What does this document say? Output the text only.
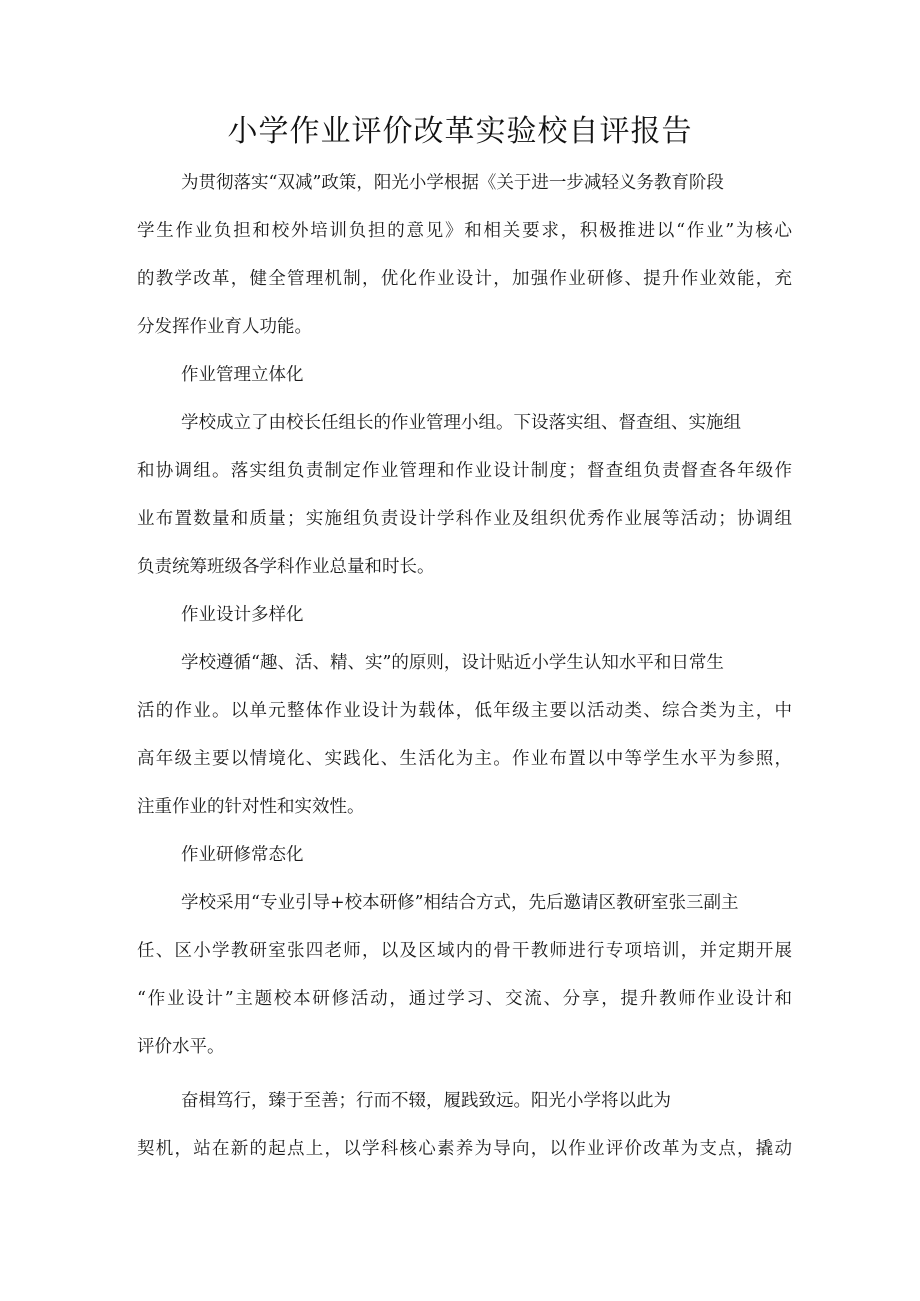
小学作业评价改革实验校自评报告

为贯彻落实“双减”政策，阳光小学根据《关于进一步减轻义务教育阶段

学生作业负担和校外培训负担的意见》和相关要求，积极推进以“作业”为核心

的教学改革，健全管理机制，优化作业设计，加强作业研修、提升作业效能，充

分发挥作业育人功能。

作业管理立体化

学校成立了由校长任组长的作业管理小组。下设落实组、督查组、实施组

和协调组。落实组负责制定作业管理和作业设计制度；督查组负责督查各年级作

业布置数量和质量；实施组负责设计学科作业及组织优秀作业展等活动；协调组

负责统筹班级各学科作业总量和时长。

作业设计多样化

学校遵循“趣、活、精、实”的原则，设计贴近小学生认知水平和日常生

活的作业。以单元整体作业设计为载体，低年级主要以活动类、综合类为主，中

高年级主要以情境化、实践化、生活化为主。作业布置以中等学生水平为参照，

注重作业的针对性和实效性。

作业研修常态化

学校采用“专业引导+校本研修”相结合方式，先后邀请区教研室张三副主

任、区小学教研室张四老师，以及区域内的骨干教师进行专项培训，并定期开展

“作业设计”主题校本研修活动，通过学习、交流、分享，提升教师作业设计和

评价水平。

奋楫笃行，臻于至善；行而不辍，履践致远。阳光小学将以此为

契机，站在新的起点上，以学科核心素养为导向，以作业评价改革为支点，撬动
